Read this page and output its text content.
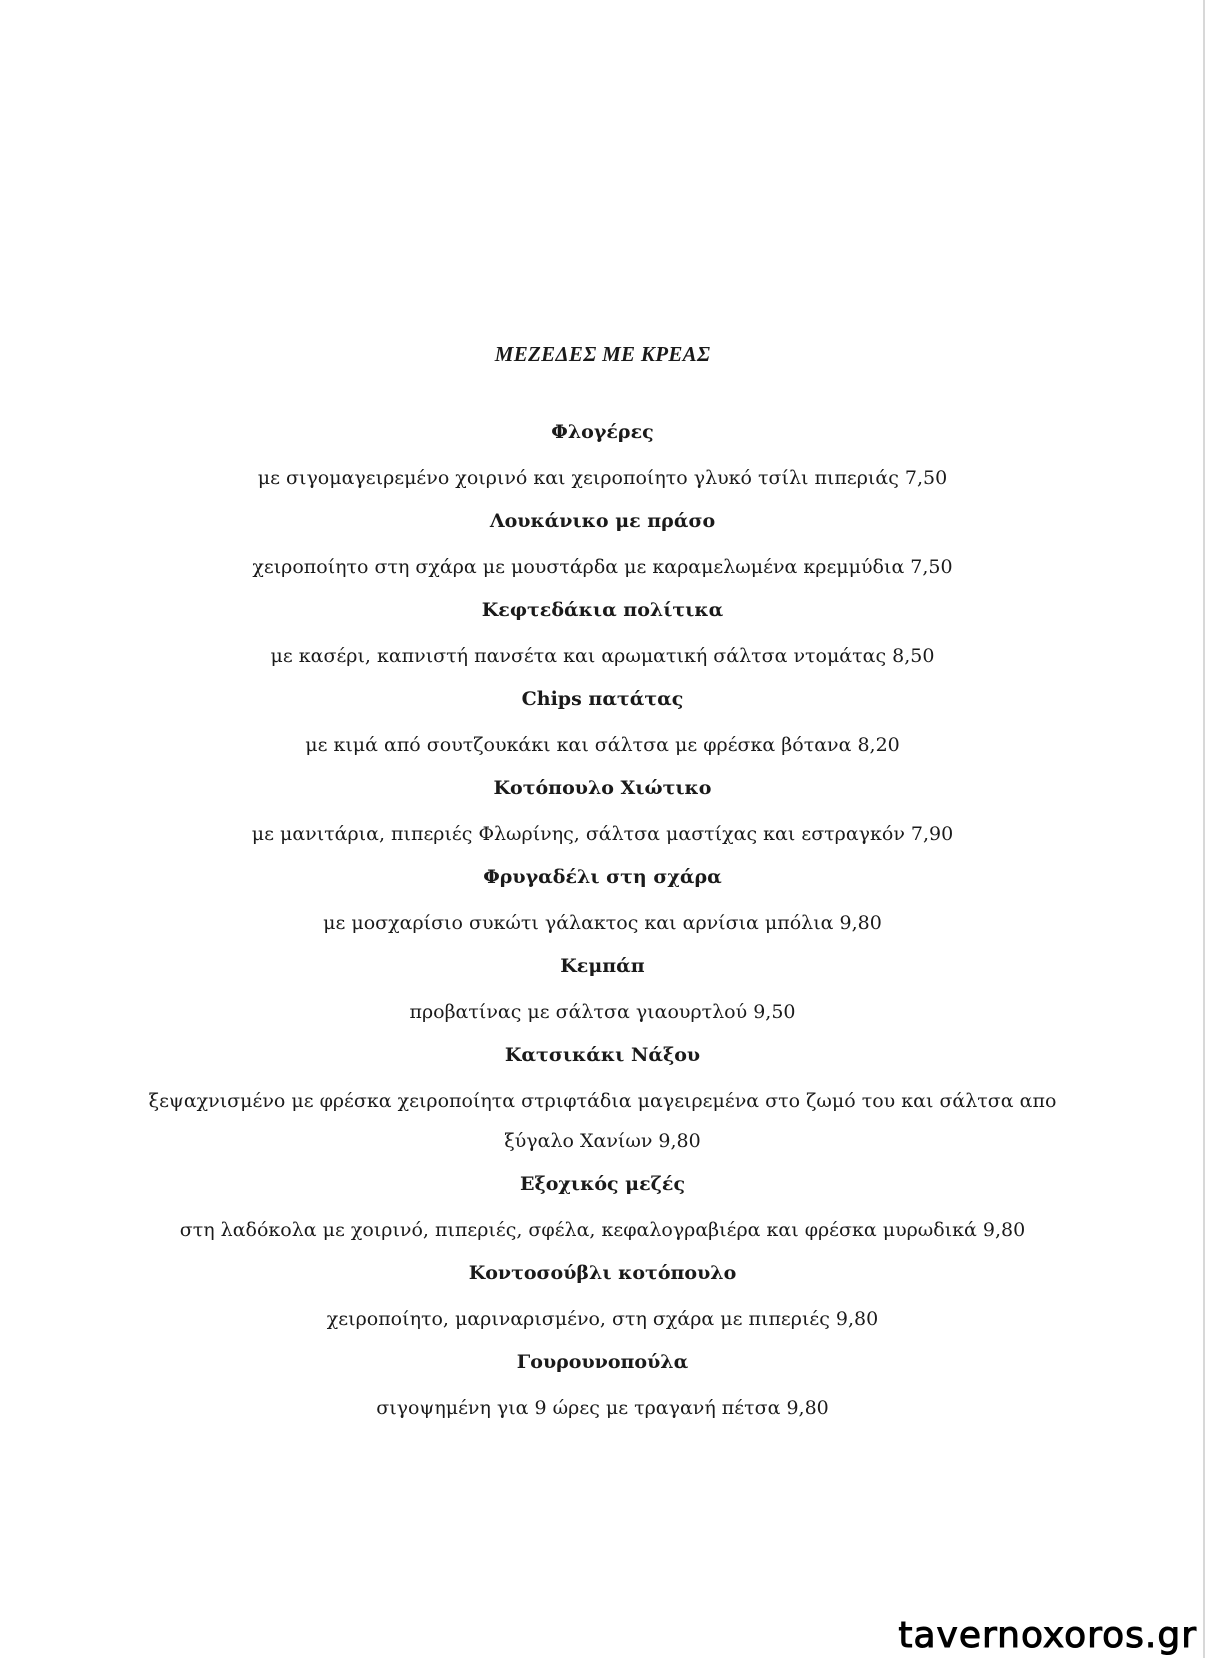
ΜΕΖΕΔΕΣ ΜΕ ΚΡΕΑΣ
Φλογέρες
με σιγομαγειρεμένο χοιρινό και χειροποίητο γλυκό τσίλι πιπεριάς 7,50
Λουκάνικο με πράσο
χειροποίητο στη σχάρα με μουστάρδα με καραμελωμένα κρεμμύδια 7,50
Κεφτεδάκια πολίτικα
με κασέρι, καπνιστή πανσέτα και αρωματική σάλτσα ντομάτας 8,50
Chips πατάτας
με κιμά από σουτζουκάκι και σάλτσα με φρέσκα βότανα 8,20
Κοτόπουλο Χιώτικο
με μανιτάρια, πιπεριές Φλωρίνης, σάλτσα μαστίχας και εστραγκόν 7,90
Φρυγαδέλι στη σχάρα
με μοσχαρίσιο συκώτι γάλακτος και αρνίσια μπόλια 9,80
Κεμπάπ
προβατίνας με σάλτσα γιαουρτλού 9,50
Κατσικάκι Νάξου
ξεψαχνισμένο με φρέσκα χειροποίητα στριφτάδια μαγειρεμένα στο ζωμό του και σάλτσα απο ξύγαλο Χανίων 9,80
Εξοχικός μεζές
στη λαδόκολα με χοιρινό, πιπεριές, σφέλα, κεφαλογραβιέρα και φρέσκα μυρωδικά 9,80
Κοντοσούβλι κοτόπουλο
χειροποίητο, μαριναρισμένο, στη σχάρα με πιπεριές 9,80
Γουρουνοπούλα
σιγοψημένη για 9 ώρες με τραγανή πέτσα 9,80
tavernoxoros.gr
